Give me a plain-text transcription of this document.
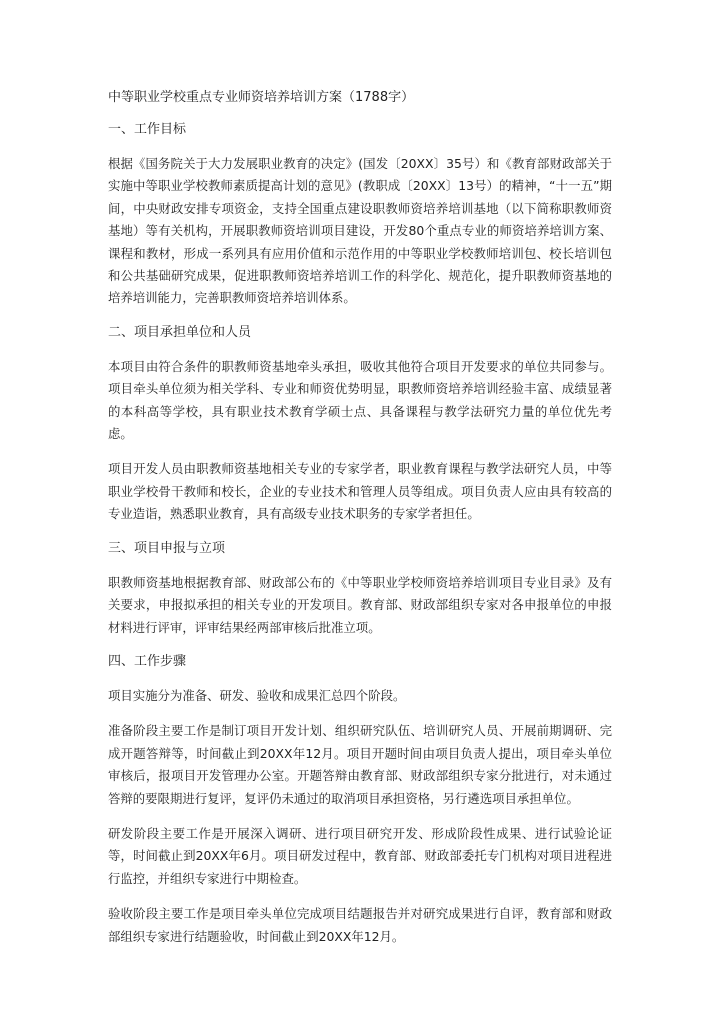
中等职业学校重点专业师资培养培训方案（1788字）
一、工作目标
根据《国务院关于大力发展职业教育的决定》(国发〔20XX〕35号）和《教育部财政部关于实施中等职业学校教师素质提高计划的意见》(教职成〔20XX〕13号）的精神，“十一五”期间，中央财政安排专项资金，支持全国重点建设职教师资培养培训基地（以下简称职教师资基地）等有关机构，开展职教师资培训项目建设，开发80个重点专业的师资培养培训方案、课程和教材，形成一系列具有应用价值和示范作用的中等职业学校教师培训包、校长培训包和公共基础研究成果，促进职教师资培养培训工作的科学化、规范化，提升职教师资基地的培养培训能力，完善职教师资培养培训体系。
二、项目承担单位和人员
本项目由符合条件的职教师资基地牵头承担，吸收其他符合项目开发要求的单位共同参与。项目牵头单位须为相关学科、专业和师资优势明显，职教师资培养培训经验丰富、成绩显著的本科高等学校，具有职业技术教育学硕士点、具备课程与教学法研究力量的单位优先考虑。
项目开发人员由职教师资基地相关专业的专家学者，职业教育课程与教学法研究人员，中等职业学校骨干教师和校长，企业的专业技术和管理人员等组成。项目负责人应由具有较高的专业造诣，熟悉职业教育，具有高级专业技术职务的专家学者担任。
三、项目申报与立项
职教师资基地根据教育部、财政部公布的《中等职业学校师资培养培训项目专业目录》及有关要求，申报拟承担的相关专业的开发项目。教育部、财政部组织专家对各申报单位的申报材料进行评审，评审结果经两部审核后批准立项。
四、工作步骤
项目实施分为准备、研发、验收和成果汇总四个阶段。
准备阶段主要工作是制订项目开发计划、组织研究队伍、培训研究人员、开展前期调研、完成开题答辩等，时间截止到20XX年12月。项目开题时间由项目负责人提出，项目牵头单位审核后，报项目开发管理办公室。开题答辩由教育部、财政部组织专家分批进行，对未通过答辩的要限期进行复评，复评仍未通过的取消项目承担资格，另行遴选项目承担单位。
研发阶段主要工作是开展深入调研、进行项目研究开发、形成阶段性成果、进行试验论证等，时间截止到20XX年6月。项目研发过程中，教育部、财政部委托专门机构对项目进程进行监控，并组织专家进行中期检查。
验收阶段主要工作是项目牵头单位完成项目结题报告并对研究成果进行自评，教育部和财政部组织专家进行结题验收，时间截止到20XX年12月。
